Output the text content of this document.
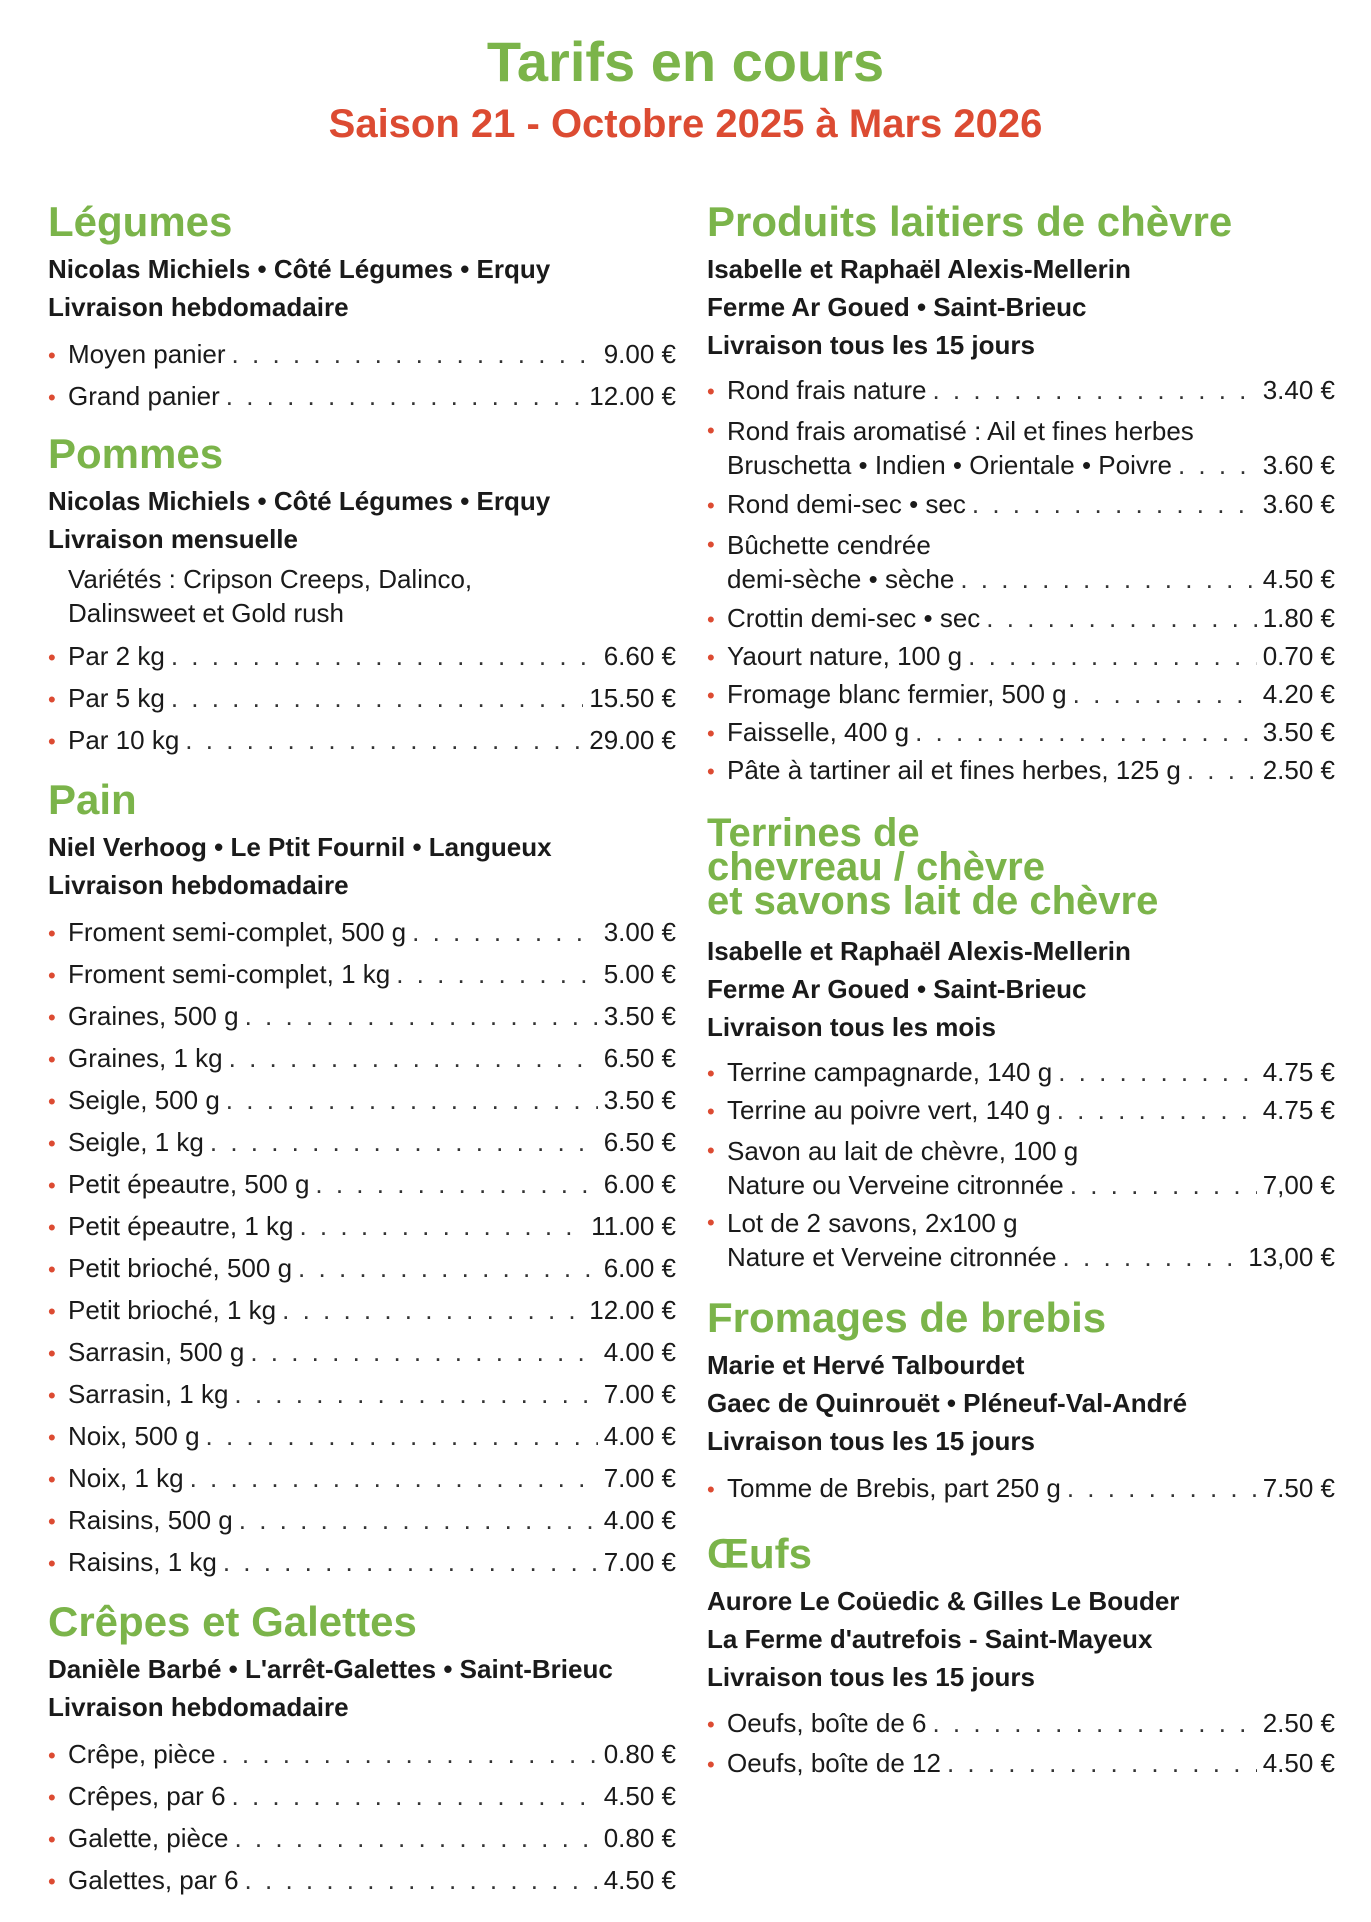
Tarifs en cours
Saison 21 - Octobre 2025 à Mars 2026
Légumes
Nicolas Michiels • Côté Légumes • Erquy
Livraison hebdomadaire
• Moyen panier . . .	9.00 €
• Grand panier . . .	12.00 €
Pommes
Nicolas Michiels • Côté Légumes • Erquy
Livraison mensuelle
Variétés : Cripson Creeps, Dalinco,
Dalinsweet et Gold rush
• Par 2 kg . . .	6.60 €
• Par 5 kg . . .	15.50 €
• Par 10 kg . . .	29.00 €
Pain
Niel Verhoog • Le Ptit Fournil • Langueux
Livraison hebdomadaire
• Froment semi-complet, 500 g . . .	3.00 €
• Froment semi-complet, 1 kg . . .	5.00 €
• Graines, 500 g . . .	3.50 €
• Graines, 1 kg . . .	6.50 €
• Seigle, 500 g . . .	3.50 €
• Seigle, 1 kg . . .	6.50 €
• Petit épeautre, 500 g . . .	6.00 €
• Petit épeautre, 1 kg . . .	11.00 €
• Petit brioché, 500 g . . .	6.00 €
• Petit brioché, 1 kg . . .	12.00 €
• Sarrasin, 500 g . . .	4.00 €
• Sarrasin, 1 kg . . .	7.00 €
• Noix, 500 g . . .	4.00 €
• Noix, 1 kg . . .	7.00 €
• Raisins, 500 g . . .	4.00 €
• Raisins, 1 kg . . .	7.00 €
Crêpes et Galettes
Danièle Barbé • L'arrêt-Galettes • Saint-Brieuc
Livraison hebdomadaire
• Crêpe, pièce . . .	0.80 €
• Crêpes, par 6 . . .	4.50 €
• Galette, pièce . . .	0.80 €
• Galettes, par 6 . . .	4.50 €
Produits laitiers de chèvre
Isabelle et Raphaël Alexis-Mellerin
Ferme Ar Goued • Saint-Brieuc
Livraison tous les 15 jours
• Rond frais nature . . .	3.40 €
• Rond frais aromatisé : Ail et fines herbes
Bruschetta • Indien • Orientale • Poivre . . .	3.60 €
• Rond demi-sec • sec . . .	3.60 €
• Bûchette cendrée
demi-sèche • sèche . . .	4.50 €
• Crottin demi-sec • sec . . .	1.80 €
• Yaourt nature, 100 g . . .	0.70 €
• Fromage blanc fermier, 500 g . . .	4.20 €
• Faisselle, 400 g . . .	3.50 €
• Pâte à tartiner ail et fines herbes, 125 g . . .	2.50 €
Terrines de
chevreau / chèvre
et savons lait de chèvre
Isabelle et Raphaël Alexis-Mellerin
Ferme Ar Goued • Saint-Brieuc
Livraison tous les mois
• Terrine campagnarde, 140 g . . .	4.75 €
• Terrine au poivre vert, 140 g . . .	4.75 €
• Savon au lait de chèvre, 100 g
Nature ou Verveine citronnée . . .	7,00 €
• Lot de 2 savons, 2x100 g
Nature et Verveine citronnée . . .	13,00 €
Fromages de brebis
Marie et Hervé Talbourdet
Gaec de Quinrouët • Pléneuf-Val-André
Livraison tous les 15 jours
• Tomme de Brebis, part 250 g . . .	7.50 €
Œufs
Aurore Le Coüedic & Gilles Le Bouder
La Ferme d'autrefois - Saint-Mayeux
Livraison tous les 15 jours
• Oeufs, boîte de 6 . . .	2.50 €
• Oeufs, boîte de 12 . . .	4.50 €
